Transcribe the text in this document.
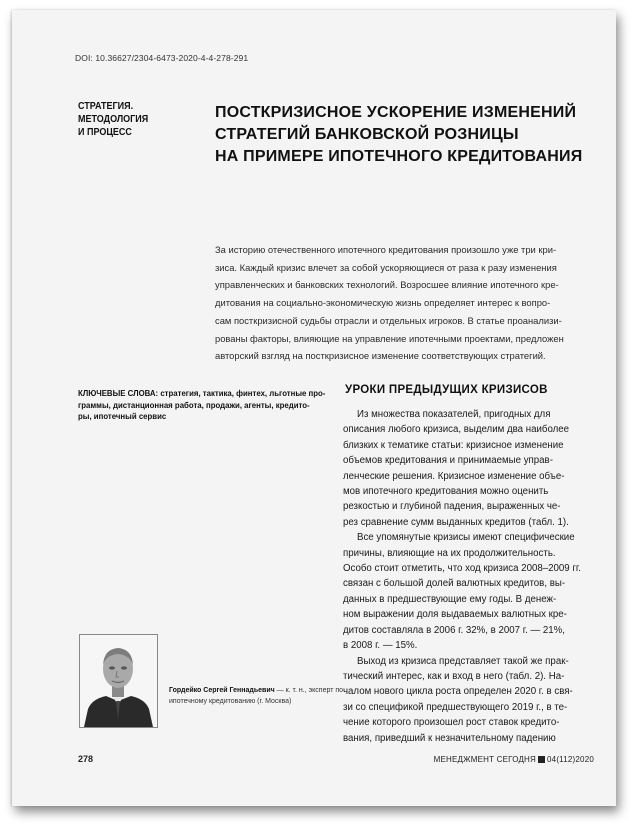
DOI: 10.36627/2304-6473-2020-4-4-278-291
СТРАТЕГИЯ.
МЕТОДОЛОГИЯ
И ПРОЦЕСС
ПОСТКРИЗИСНОЕ УСКОРЕНИЕ ИЗМЕНЕНИЙ
СТРАТЕГИЙ БАНКОВСКОЙ РОЗНИЦЫ
НА ПРИМЕРЕ ИПОТЕЧНОГО КРЕДИТОВАНИЯ
За историю отечественного ипотечного кредитования произошло уже три кри-
зиса. Каждый кризис влечет за собой ускоряющиеся от раза к разу изменения
управленческих и банковских технологий. Возросшее влияние ипотечного кре-
дитования на социально-экономическую жизнь определяет интерес к вопро-
сам посткризисной судьбы отрасли и отдельных игроков. В статье проанализи-
рованы факторы, влияющие на управление ипотечными проектами, предложен
авторский взгляд на посткризисное изменение соответствующих стратегий.
КЛЮЧЕВЫЕ СЛОВА: стратегия, тактика, финтех, льготные про-
граммы, дистанционная работа, продажи, агенты, кредито-
ры, ипотечный сервис
УРОКИ ПРЕДЫДУЩИХ КРИЗИСОВ
Из множества показателей, пригодных для
описания любого кризиса, выделим два наиболее
близких к тематике статьи: кризисное изменение
объемов кредитования и принимаемые управ-
ленческие решения. Кризисное изменение объе-
мов ипотечного кредитования можно оценить
резкостью и глубиной падения, выраженных че-
рез сравнение сумм выданных кредитов (табл. 1).
Все упомянутые кризисы имеют специфические
причины, влияющие на их продолжительность.
Особо стоит отметить, что ход кризиса 2008–2009 гг.
связан с большой долей валютных кредитов, вы-
данных в предшествующие ему годы. В денеж-
ном выражении доля выдаваемых валютных кре-
дитов составляла в 2006 г. 32%, в 2007 г. — 21%,
в 2008 г. — 15%.
Выход из кризиса представляет такой же прак-
тический интерес, как и вход в него (табл. 2). На-
чалом нового цикла роста определен 2020 г. в свя-
зи со спецификой предшествующего 2019 г., в те-
чение которого произошел рост ставок кредито-
вания, приведший к незначительному падению
Гордейко Сергей Геннадьевич — к. т. н., эксперт по
ипотечному кредитованию (г. Москва)
278	МЕНЕДЖМЕНТ СЕГОДНЯ 04(112)2020
